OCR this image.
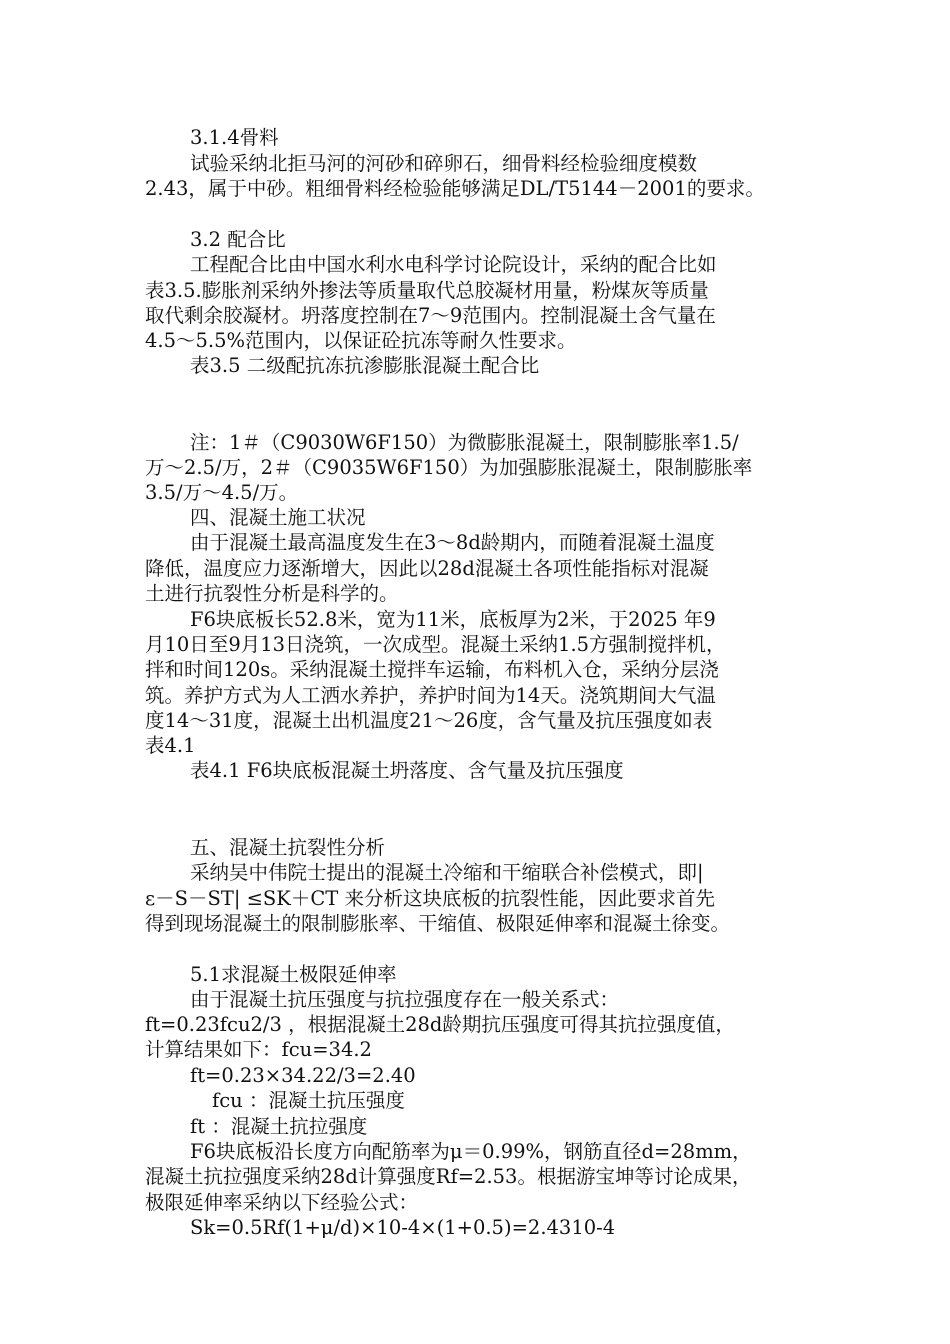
3.1.4骨料
试验采纳北拒马河的河砂和碎卵石，细骨料经检验细度模数
2.43，属于中砂。粗细骨料经检验能够满足DL/T5144－2001的要求。
3.2 配合比
工程配合比由中国水利水电科学讨论院设计，采纳的配合比如
表3.5.膨胀剂采纳外掺法等质量取代总胶凝材用量，粉煤灰等质量
取代剩余胶凝材。坍落度控制在7～9范围内。控制混凝土含气量在
4.5～5.5%范围内，以保证砼抗冻等耐久性要求。
表3.5 二级配抗冻抗渗膨胀混凝土配合比
注：1＃（C9030W6F150）为微膨胀混凝土，限制膨胀率1.5/
万～2.5/万，2＃（C9035W6F150）为加强膨胀混凝土，限制膨胀率
3.5/万～4.5/万。
四、混凝土施工状况
由于混凝土最高温度发生在3～8d龄期内，而随着混凝土温度
降低，温度应力逐渐增大，因此以28d混凝土各项性能指标对混凝
土进行抗裂性分析是科学的。
F6块底板长52.8米，宽为11米，底板厚为2米，于2025 年9
月10日至9月13日浇筑，一次成型。混凝土采纳1.5方强制搅拌机，
拌和时间120s。采纳混凝土搅拌车运输，布料机入仓，采纳分层浇
筑。养护方式为人工洒水养护，养护时间为14天。浇筑期间大气温
度14～31度，混凝土出机温度21～26度，含气量及抗压强度如表
表4.1
表4.1 F6块底板混凝土坍落度、含气量及抗压强度
五、混凝土抗裂性分析
采纳吴中伟院士提出的混凝土冷缩和干缩联合补偿模式，即|
ε－S－ST| ≤SK＋CT 来分析这块底板的抗裂性能，因此要求首先
得到现场混凝土的限制膨胀率、干缩值、极限延伸率和混凝土徐变。
5.1求混凝土极限延伸率
由于混凝土抗压强度与抗拉强度存在一般关系式：
ft=0.23fcu2/3 ，根据混凝土28d龄期抗压强度可得其抗拉强度值，
计算结果如下：fcu=34.2
ft=0.23×34.22/3=2.40
fcu ：混凝土抗压强度
ft ：混凝土抗拉强度
F6块底板沿长度方向配筋率为μ＝0.99%，钢筋直径d=28mm，
混凝土抗拉强度采纳28d计算强度Rf=2.53。根据游宝坤等讨论成果，
极限延伸率采纳以下经验公式：
Sk=0.5Rf(1+μ/d)×10-4×(1+0.5)=2.4310-4
